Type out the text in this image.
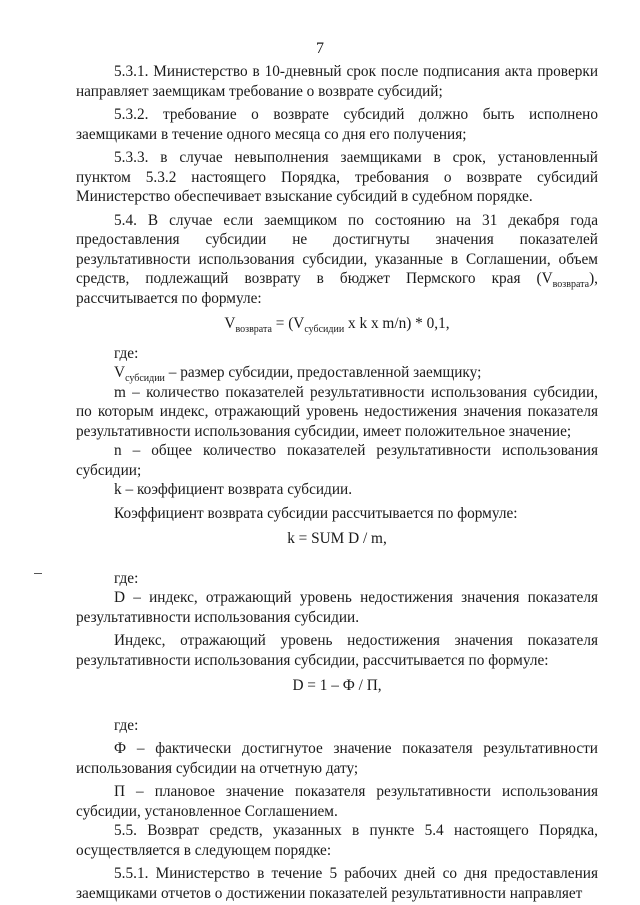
7

5.3.1. Министерство в 10-дневный срок после подписания акта проверки направляет заемщикам требование о возврате субсидий;

5.3.2. требование о возврате субсидий должно быть исполнено заемщиками в течение одного месяца со дня его получения;

5.3.3. в случае невыполнения заемщиками в срок, установленный пунктом 5.3.2 настоящего Порядка, требования о возврате субсидий Министерство обеспечивает взыскание субсидий в судебном порядке.

5.4. В случае если заемщиком по состоянию на 31 декабря года предоставления субсидии не достигнуты значения показателей результативности использования субсидии, указанные в Соглашении, объем средств, подлежащий возврату в бюджет Пермского края $(V_{возврата})$, рассчитывается по формуле:

$V_{возврата} = (V_{субсидии}$ x k x m/n) * 0,1,

где:

$V_{субсидии}$ – размер субсидии, предоставленной заемщику;

m – количество показателей результативности использования субсидии, по которым индекс, отражающий уровень недостижения значения показателя результативности использования субсидии, имеет положительное значение;

n – общее количество показателей результативности использования субсидии;

k – коэффициент возврата субсидии.

Коэффициент возврата субсидии рассчитывается по формуле:

k = SUM D / m,

где:

D – индекс, отражающий уровень недостижения значения показателя результативности использования субсидии.

Индекс, отражающий уровень недостижения значения показателя результативности использования субсидии, рассчитывается по формуле:

D = 1 – Ф / П,

где:

Ф – фактически достигнутое значение показателя результативности использования субсидии на отчетную дату;

П – плановое значение показателя результативности использования субсидии, установленное Соглашением.

5.5. Возврат средств, указанных в пункте 5.4 настоящего Порядка, осуществляется в следующем порядке:

5.5.1. Министерство в течение 5 рабочих дней со дня предоставления заемщиками отчетов о достижении показателей результативности направляет
